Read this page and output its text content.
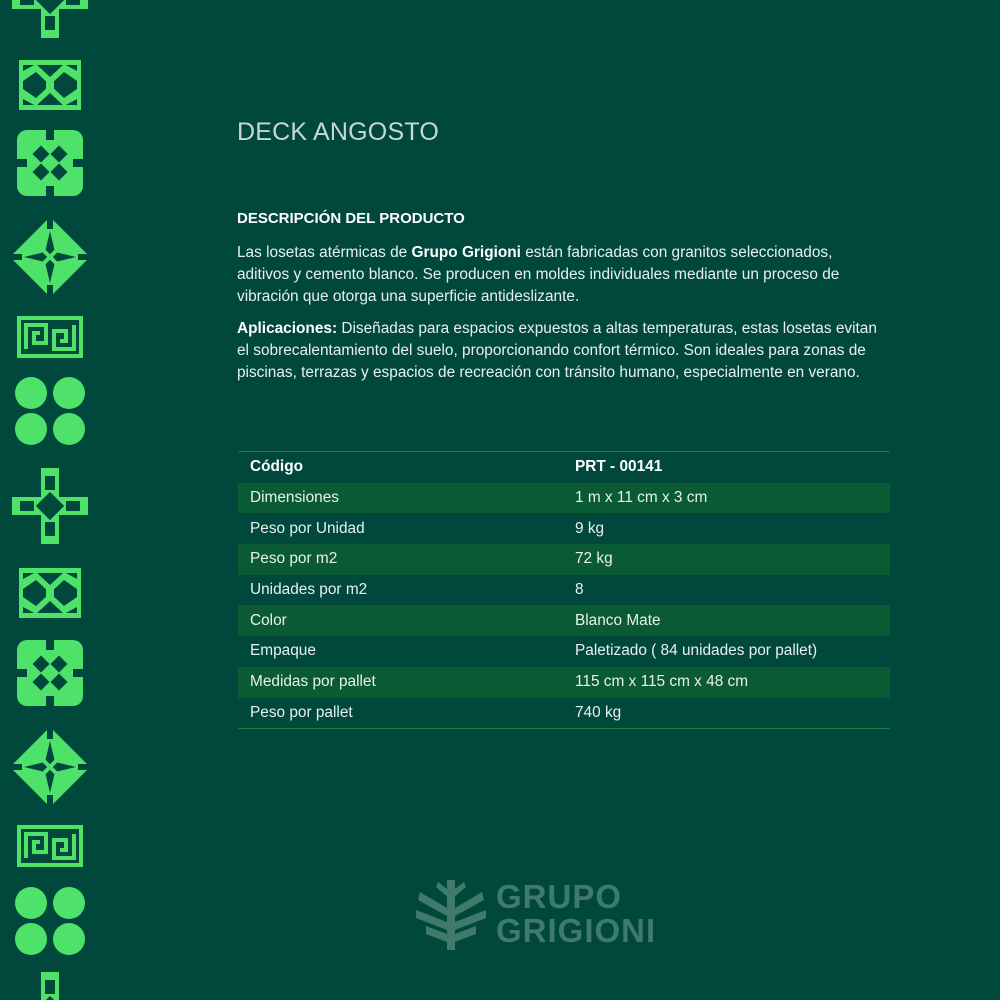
DECK ANGOSTO
DESCRIPCIÓN DEL PRODUCTO
Las losetas atérmicas de Grupo Grigioni están fabricadas con granitos seleccionados, aditivos y cemento blanco. Se producen en moldes individuales mediante un proceso de vibración que otorga una superficie antideslizante.
Aplicaciones: Diseñadas para espacios expuestos a altas temperaturas, estas losetas evitan el sobrecalentamiento del suelo, proporcionando confort térmico. Son ideales para zonas de piscinas, terrazas y espacios de recreación con tránsito humano, especialmente en verano.
Código	PRT - 00141
Dimensiones	1 m x 11 cm x 3 cm
Peso por Unidad	9 kg
Peso por m2	72 kg
Unidades por m2	8
Color	Blanco Mate
Empaque	Paletizado ( 84 unidades por pallet)
Medidas por pallet	115 cm x 115 cm x 48 cm
Peso por pallet	740 kg
GRUPO
GRIGIONI
